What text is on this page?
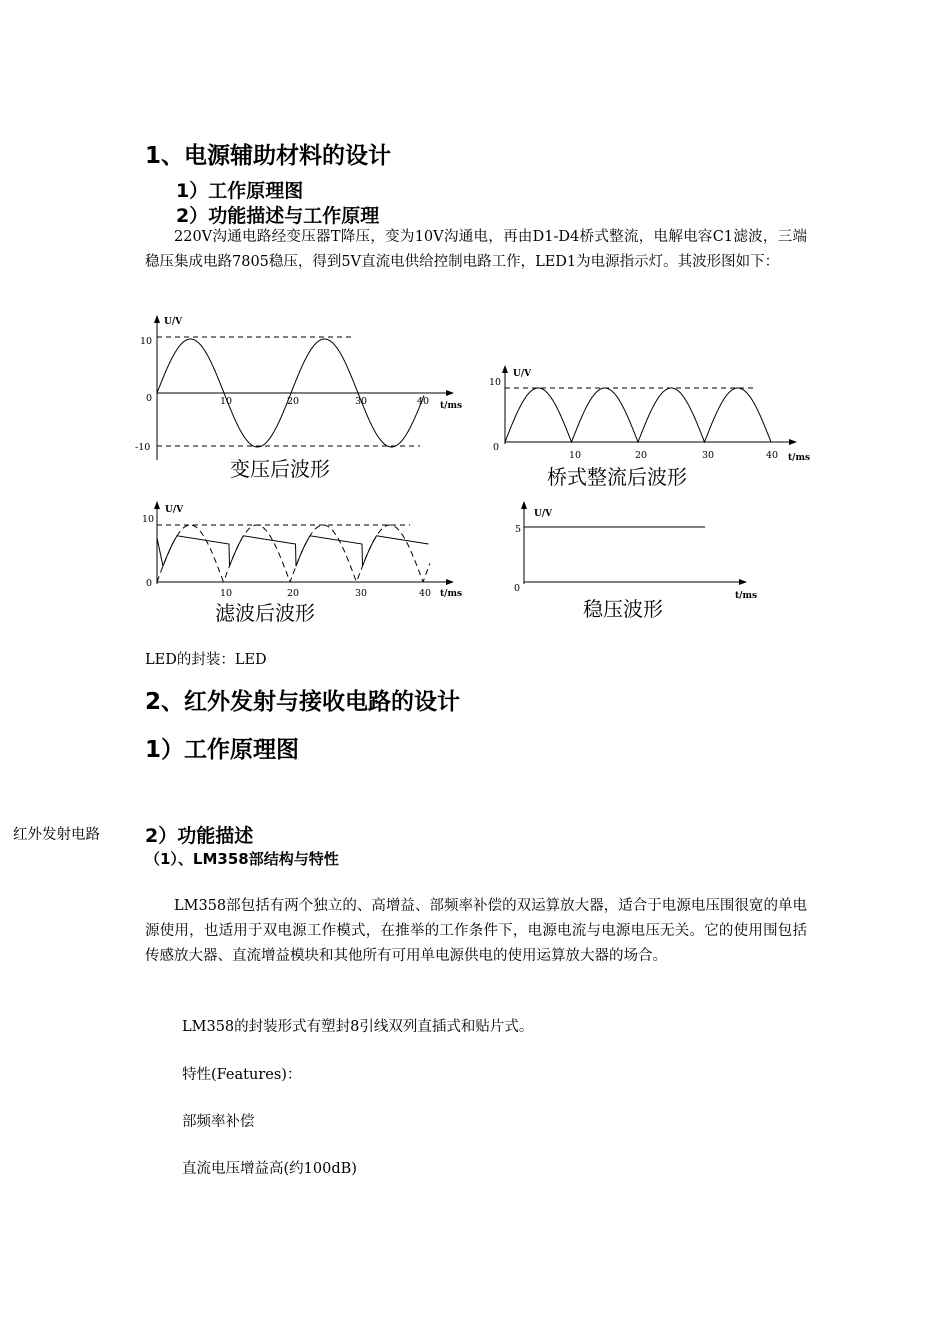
1、电源辅助材料的设计
1）工作原理图
2）功能描述与工作原理
220V沟通电路经变压器T降压，变为10V沟通电，再由D1-D4桥式整流，电解电容C1滤波，三端稳压集成电路7805稳压，得到5V直流电供给控制电路工作，LED1为电源指示灯。其波形图如下：
U/V
t/ms
10
0
-10
10	20	30	40
变压后波形
U/V
t/ms
10
0
10	20	30	40
桥式整流后波形
U/V
t/ms
10
0
10	20	30	40
滤波后波形
U/V
t/ms
5
0
稳压波形
LED的封装：LED
2、红外发射与接收电路的设计
1）工作原理图
红外发射电路 2）功能描述
（1）、LM358部结构与特性
LM358部包括有两个独立的、高增益、部频率补偿的双运算放大器，适合于电源电压围很宽的单电源使用，也适用于双电源工作模式，在推举的工作条件下，电源电流与电源电压无关。它的使用围包括传感放大器、直流增益模块和其他所有可用单电源供电的使用运算放大器的场合。
LM358的封装形式有塑封8引线双列直插式和贴片式。
特性(Features)：
部频率补偿
直流电压增益高(约100dB)
